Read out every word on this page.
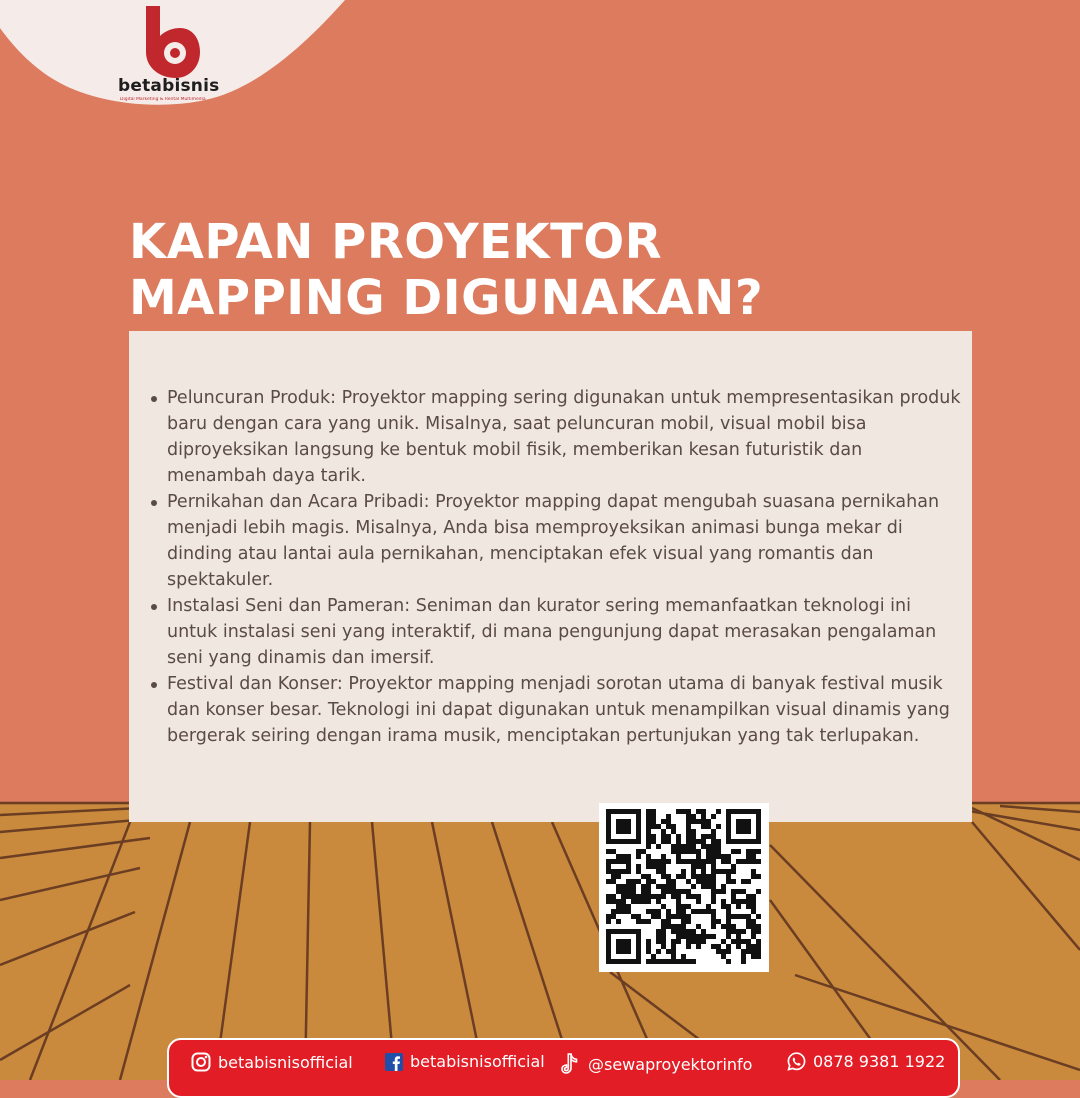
betabisnis
Digital Marketing & Rental Multimedia
KAPAN PROYEKTOR
MAPPING DIGUNAKAN?
Peluncuran Produk: Proyektor mapping sering digunakan untuk mempresentasikan produk baru dengan cara yang unik. Misalnya, saat peluncuran mobil, visual mobil bisa diproyeksikan langsung ke bentuk mobil fisik, memberikan kesan futuristik dan menambah daya tarik.
Pernikahan dan Acara Pribadi: Proyektor mapping dapat mengubah suasana pernikahan menjadi lebih magis. Misalnya, Anda bisa memproyeksikan animasi bunga mekar di dinding atau lantai aula pernikahan, menciptakan efek visual yang romantis dan spektakuler.
Instalasi Seni dan Pameran: Seniman dan kurator sering memanfaatkan teknologi ini untuk instalasi seni yang interaktif, di mana pengunjung dapat merasakan pengalaman seni yang dinamis dan imersif.
Festival dan Konser: Proyektor mapping menjadi sorotan utama di banyak festival musik dan konser besar. Teknologi ini dapat digunakan untuk menampilkan visual dinamis yang bergerak seiring dengan irama musik, menciptakan pertunjukan yang tak terlupakan.
betabisnisofficial	betabisnisofficial	@sewaproyektorinfo	0878 9381 1922
